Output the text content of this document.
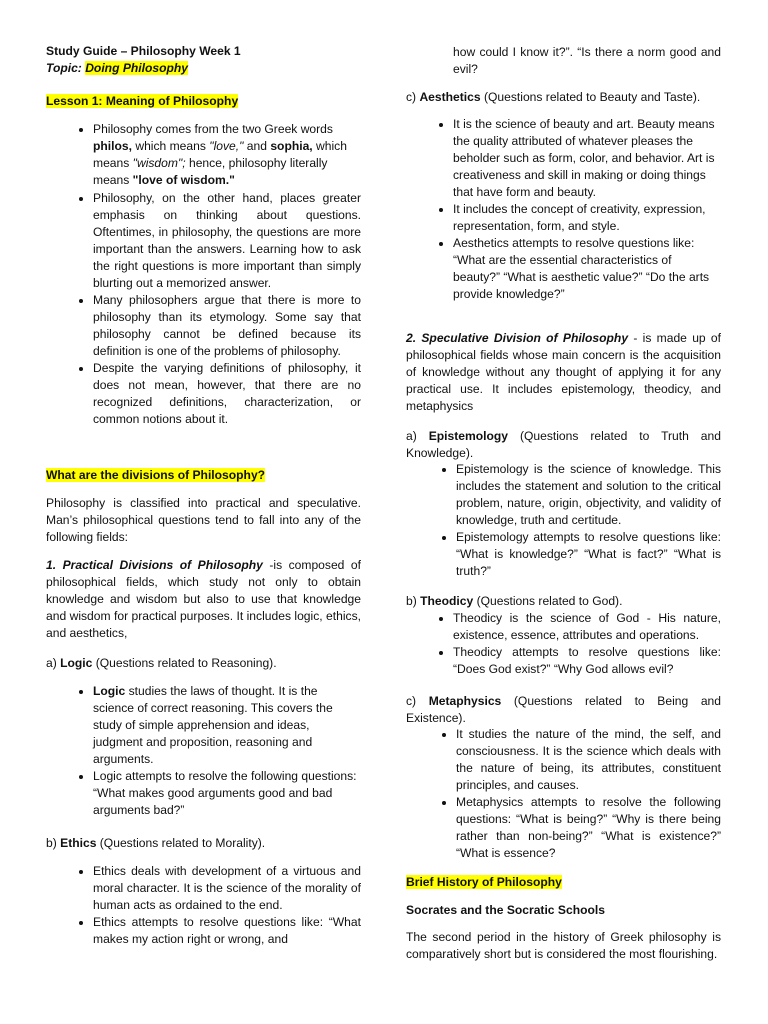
Study Guide – Philosophy Week 1

Topic: Doing Philosophy

Lesson 1: Meaning of Philosophy

• Philosophy comes from the two Greek words philos, which means "love," and sophia, which means "wisdom"; hence, philosophy literally means "love of wisdom."
• Philosophy, on the other hand, places greater emphasis on thinking about questions. Oftentimes, in philosophy, the questions are more important than the answers. Learning how to ask the right questions is more important than simply blurting out a memorized answer.
• Many philosophers argue that there is more to philosophy than its etymology. Some say that philosophy cannot be defined because its definition is one of the problems of philosophy.
• Despite the varying definitions of philosophy, it does not mean, however, that there are no recognized definitions, characterization, or common notions about it.

What are the divisions of Philosophy?

Philosophy is classified into practical and speculative. Man’s philosophical questions tend to fall into any of the following fields:

1. Practical Divisions of Philosophy -is composed of philosophical fields, which study not only to obtain knowledge and wisdom but also to use that knowledge and wisdom for practical purposes. It includes logic, ethics, and aesthetics,

a) Logic (Questions related to Reasoning).

• Logic studies the laws of thought. It is the science of correct reasoning. This covers the study of simple apprehension and ideas, judgment and proposition, reasoning and arguments.
• Logic attempts to resolve the following questions: “What makes good arguments good and bad arguments bad?”

b) Ethics (Questions related to Morality).

• Ethics deals with development of a virtuous and moral character. It is the science of the morality of human acts as ordained to the end.
• Ethics attempts to resolve questions like: “What makes my action right or wrong, and

how could I know it?”. “Is there a norm good and evil?

c) Aesthetics (Questions related to Beauty and Taste).

• It is the science of beauty and art. Beauty means the quality attributed of whatever pleases the beholder such as form, color, and behavior. Art is creativeness and skill in making or doing things that have form and beauty.
• It includes the concept of creativity, expression, representation, form, and style.
• Aesthetics attempts to resolve questions like: “What are the essential characteristics of beauty?” “What is aesthetic value?” “Do the arts provide knowledge?”

2. Speculative Division of Philosophy - is made up of philosophical fields whose main concern is the acquisition of knowledge without any thought of applying it for any practical use. It includes epistemology, theodicy, and metaphysics

a) Epistemology (Questions related to Truth and Knowledge).

• Epistemology is the science of knowledge. This includes the statement and solution to the critical problem, nature, origin, objectivity, and validity of knowledge, truth and certitude.
• Epistemology attempts to resolve questions like: “What is knowledge?” “What is fact?” “What is truth?”

b) Theodicy (Questions related to God).

• Theodicy is the science of God - His nature, existence, essence, attributes and operations.
• Theodicy attempts to resolve questions like: “Does God exist?” “Why God allows evil?

c) Metaphysics (Questions related to Being and Existence).

• It studies the nature of the mind, the self, and consciousness. It is the science which deals with the nature of being, its attributes, constituent principles, and causes.
• Metaphysics attempts to resolve the following questions: “What is being?” “Why is there being rather than non-being?” “What is existence?” “What is essence?

Brief History of Philosophy

Socrates and the Socratic Schools

The second period in the history of Greek philosophy is comparatively short but is considered the most flourishing.
